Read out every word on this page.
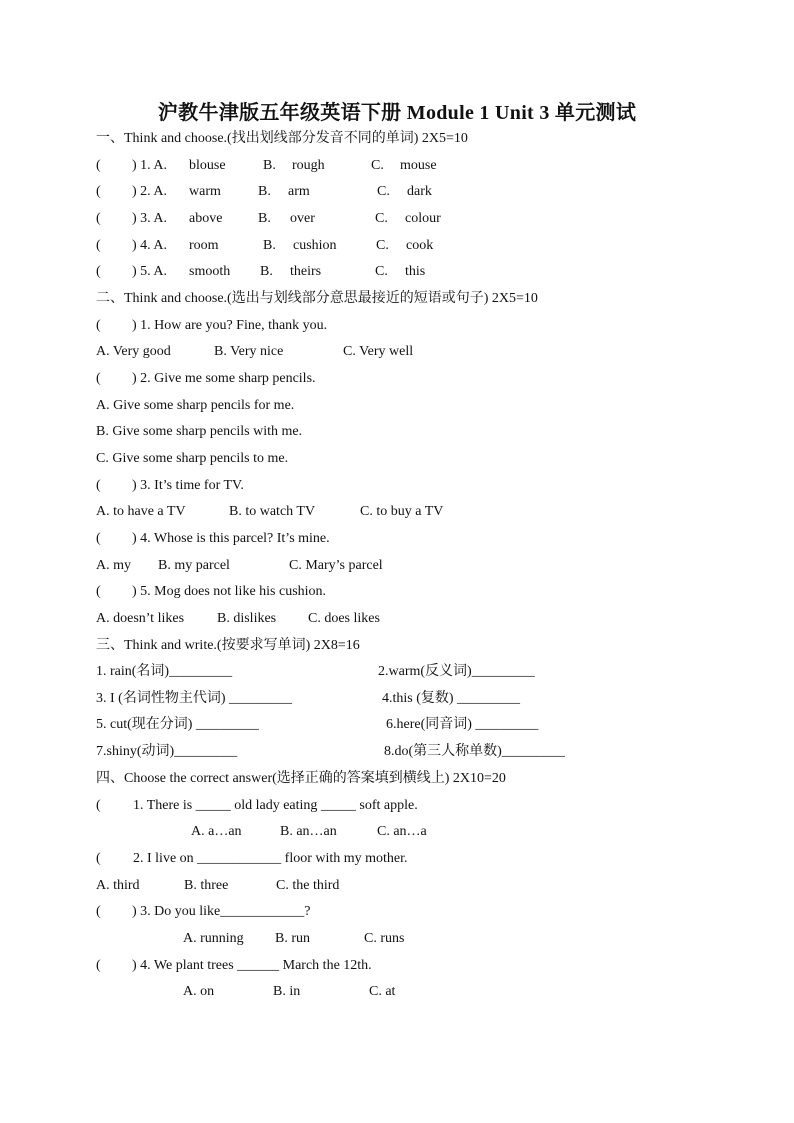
沪教牛津版五年级英语下册 Module 1 Unit 3 单元测试
一、Think and choose.(找出划线部分发音不同的单词) 2X5=10
( ) 1. A. blouse	B. rough	C. mouse
( ) 2. A. warm	B. arm	C. dark
( ) 3. A. above	B. over	C. colour
( ) 4. A. room	B. cushion	C. cook
( ) 5. A. smooth B. theirs	C. this
二、Think and choose.(选出与划线部分意思最接近的短语或句子) 2X5=10
( ) 1. How are you? Fine, thank you.
A. Very good	B. Very nice	C. Very well
( ) 2. Give me some sharp pencils.
A. Give some sharp pencils for me.
B. Give some sharp pencils with me.
C. Give some sharp pencils to me.
( ) 3. It’s time for TV.
A. to have a TV	B. to watch TV	C. to buy a TV
( ) 4. Whose is this parcel? It’s mine.
A. my B. my parcel	C. Mary’s parcel
( ) 5. Mog does not like his cushion.
A. doesn’t likes B. dislikes C. does likes
三、Think and write.(按要求写单词) 2X8=16
1. rain(名词)_________	2.warm(反义词)_________
3. I (名词性物主代词) _________	4.this (复数) _________
5. cut(现在分词) _________	6.here(同音词) _________
7.shiny(动词)_________	8.do(第三人称单数)_________
四、Choose the correct answer(选择正确的答案填到横线上) 2X10=20
( 1. There is _____ old lady eating _____ soft apple.
A. a…an	B. an…an	C. an…a
( 2. I live on ____________ floor with my mother.
A. third	B. three	C. the third
( ) 3. Do you like____________?
A. running B. run	C. runs
( ) 4. We plant trees ______ March the 12th.
A. on	B. in	C. at
